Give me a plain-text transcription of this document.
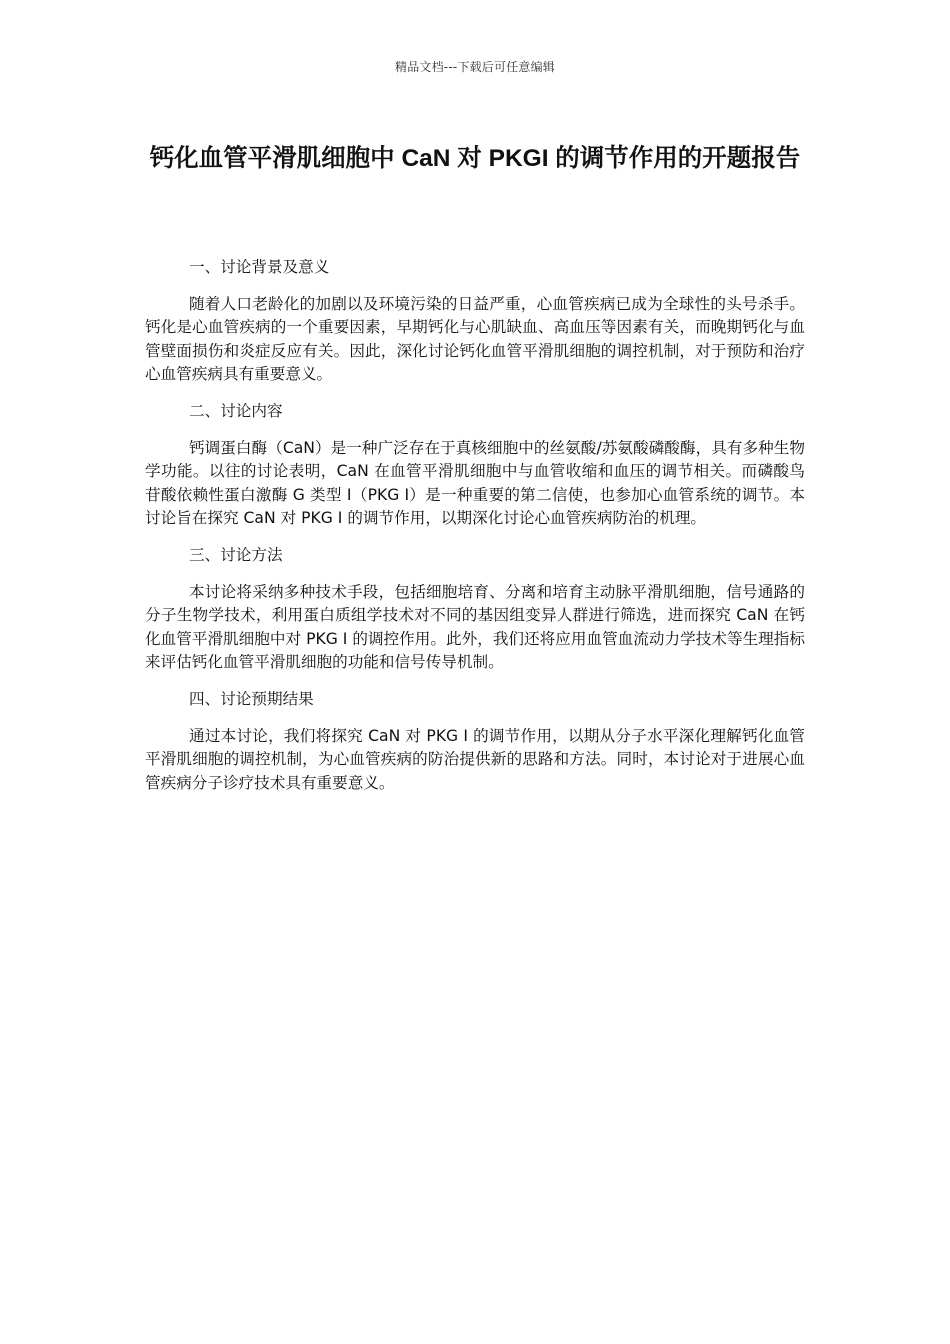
精品文档---下载后可任意编辑
钙化血管平滑肌细胞中 CaN 对 PKGI 的调节作用的开题报告

一、讨论背景及意义

随着人口老龄化的加剧以及环境污染的日益严重，心血管疾病已成为全球性的头号杀手。钙化是心血管疾病的一个重要因素，早期钙化与心肌缺血、高血压等因素有关，而晚期钙化与血管壁面损伤和炎症反应有关。因此，深化讨论钙化血管平滑肌细胞的调控机制，对于预防和治疗心血管疾病具有重要意义。

二、讨论内容

钙调蛋白酶（CaN）是一种广泛存在于真核细胞中的丝氨酸/苏氨酸磷酸酶，具有多种生物学功能。以往的讨论表明，CaN 在血管平滑肌细胞中与血管收缩和血压的调节相关。而磷酸鸟苷酸依赖性蛋白激酶 G 类型 I（PKG I）是一种重要的第二信使，也参加心血管系统的调节。本讨论旨在探究 CaN 对 PKG I 的调节作用，以期深化讨论心血管疾病防治的机理。

三、讨论方法

本讨论将采纳多种技术手段，包括细胞培育、分离和培育主动脉平滑肌细胞，信号通路的分子生物学技术，利用蛋白质组学技术对不同的基因组变异人群进行筛选，进而探究 CaN 在钙化血管平滑肌细胞中对 PKG I 的调控作用。此外，我们还将应用血管血流动力学技术等生理指标来评估钙化血管平滑肌细胞的功能和信号传导机制。

四、讨论预期结果

通过本讨论，我们将探究 CaN 对 PKG I 的调节作用，以期从分子水平深化理解钙化血管平滑肌细胞的调控机制，为心血管疾病的防治提供新的思路和方法。同时，本讨论对于进展心血管疾病分子诊疗技术具有重要意义。
